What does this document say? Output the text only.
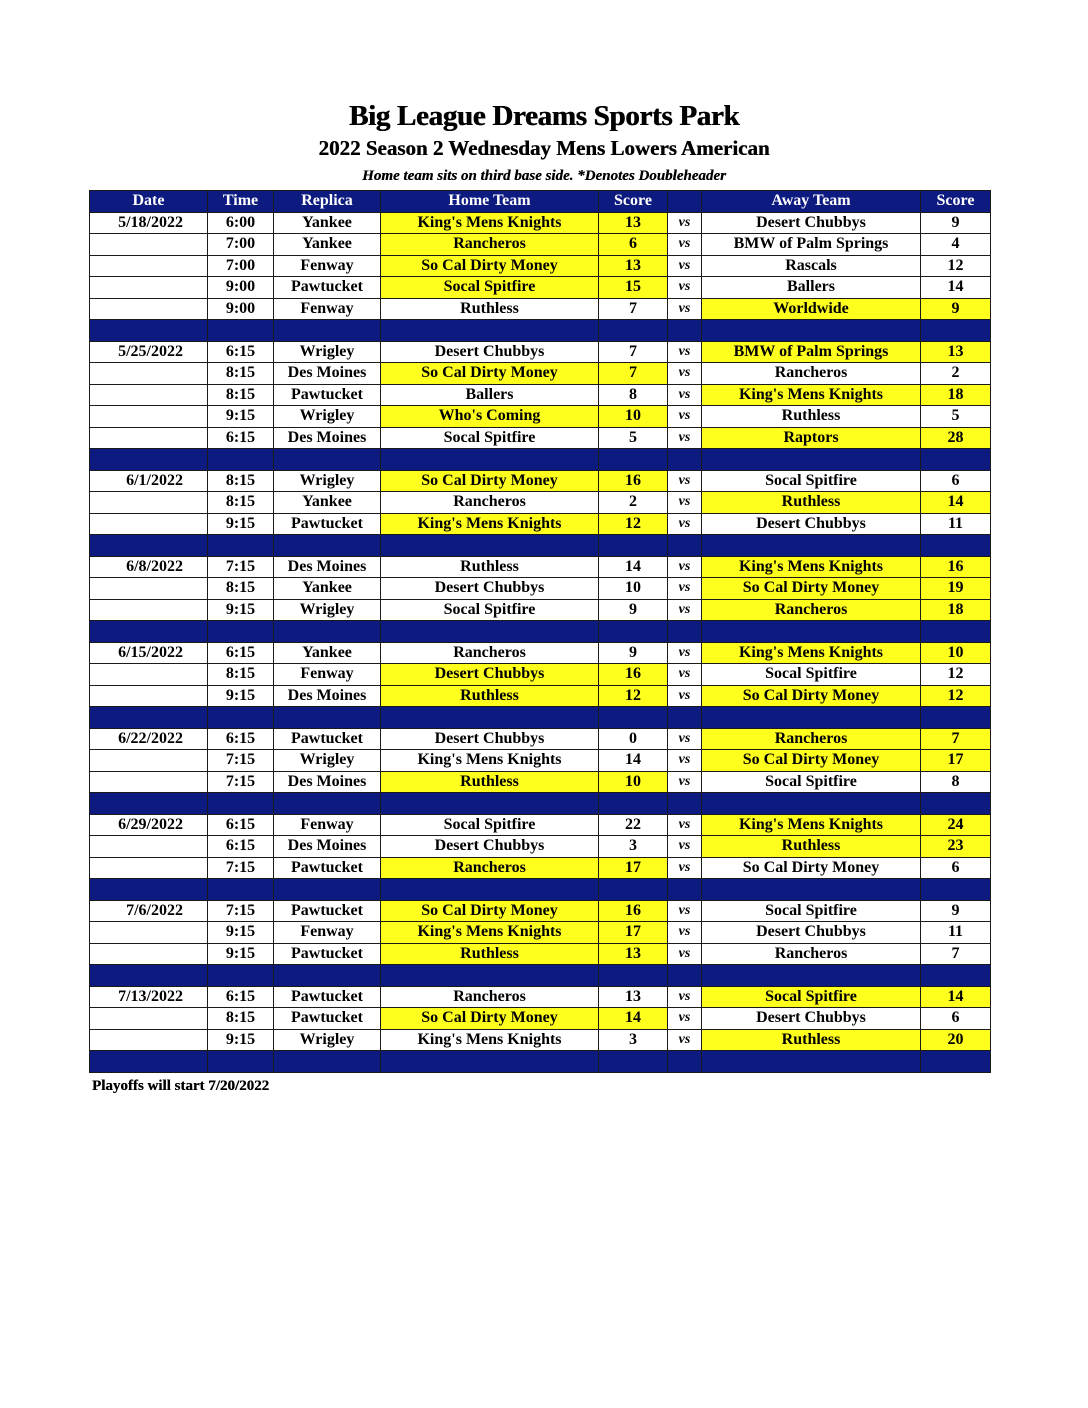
Big League Dreams Sports Park
2022 Season 2 Wednesday Mens Lowers American
Home team sits on third base side. *Denotes Doubleheader
Date	Time	Replica	Home Team	Score		Away Team	Score
5/18/2022	6:00	Yankee	King's Mens Knights	13	vs	Desert Chubbys	9
	7:00	Yankee	Rancheros	6	vs	BMW of Palm Springs	4
	7:00	Fenway	So Cal Dirty Money	13	vs	Rascals	12
	9:00	Pawtucket	Socal Spitfire	15	vs	Ballers	14
	9:00	Fenway	Ruthless	7	vs	Worldwide	9

5/25/2022	6:15	Wrigley	Desert Chubbys	7	vs	BMW of Palm Springs	13
	8:15	Des Moines	So Cal Dirty Money	7	vs	Rancheros	2
	8:15	Pawtucket	Ballers	8	vs	King's Mens Knights	18
	9:15	Wrigley	Who's Coming	10	vs	Ruthless	5
	6:15	Des Moines	Socal Spitfire	5	vs	Raptors	28

6/1/2022	8:15	Wrigley	So Cal Dirty Money	16	vs	Socal Spitfire	6
	8:15	Yankee	Rancheros	2	vs	Ruthless	14
	9:15	Pawtucket	King's Mens Knights	12	vs	Desert Chubbys	11

6/8/2022	7:15	Des Moines	Ruthless	14	vs	King's Mens Knights	16
	8:15	Yankee	Desert Chubbys	10	vs	So Cal Dirty Money	19
	9:15	Wrigley	Socal Spitfire	9	vs	Rancheros	18

6/15/2022	6:15	Yankee	Rancheros	9	vs	King's Mens Knights	10
	8:15	Fenway	Desert Chubbys	16	vs	Socal Spitfire	12
	9:15	Des Moines	Ruthless	12	vs	So Cal Dirty Money	12

6/22/2022	6:15	Pawtucket	Desert Chubbys	0	vs	Rancheros	7
	7:15	Wrigley	King's Mens Knights	14	vs	So Cal Dirty Money	17
	7:15	Des Moines	Ruthless	10	vs	Socal Spitfire	8

6/29/2022	6:15	Fenway	Socal Spitfire	22	vs	King's Mens Knights	24
	6:15	Des Moines	Desert Chubbys	3	vs	Ruthless	23
	7:15	Pawtucket	Rancheros	17	vs	So Cal Dirty Money	6

7/6/2022	7:15	Pawtucket	So Cal Dirty Money	16	vs	Socal Spitfire	9
	9:15	Fenway	King's Mens Knights	17	vs	Desert Chubbys	11
	9:15	Pawtucket	Ruthless	13	vs	Rancheros	7

7/13/2022	6:15	Pawtucket	Rancheros	13	vs	Socal Spitfire	14
	8:15	Pawtucket	So Cal Dirty Money	14	vs	Desert Chubbys	6
	9:15	Wrigley	King's Mens Knights	3	vs	Ruthless	20

Playoffs will start 7/20/2022
